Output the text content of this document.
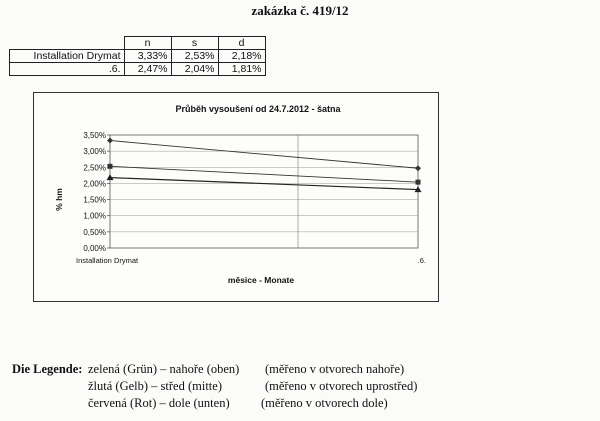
zakázka č. 419/12
	n	s	d
Installation Drymat	3,33%	2,53%	2,18%
.6.	2,47%	2,04%	1,81%
Průběh vysoušení od 24.7.2012 - šatna
3,50%
3,00%
2,50%
2,00%
1,50%
1,00%
0,50%
0,00%
Installation Drymat	.6.
měsice - Monate
% hm
Die Legende: zelená (Grün) – nahoře (oben) (měřeno v otvorech nahoře)
žlutá (Gelb) – střed (mitte)	(měřeno v otvorech uprostřed)
červená (Rot) – dole (unten)	(měřeno v otvorech dole)
